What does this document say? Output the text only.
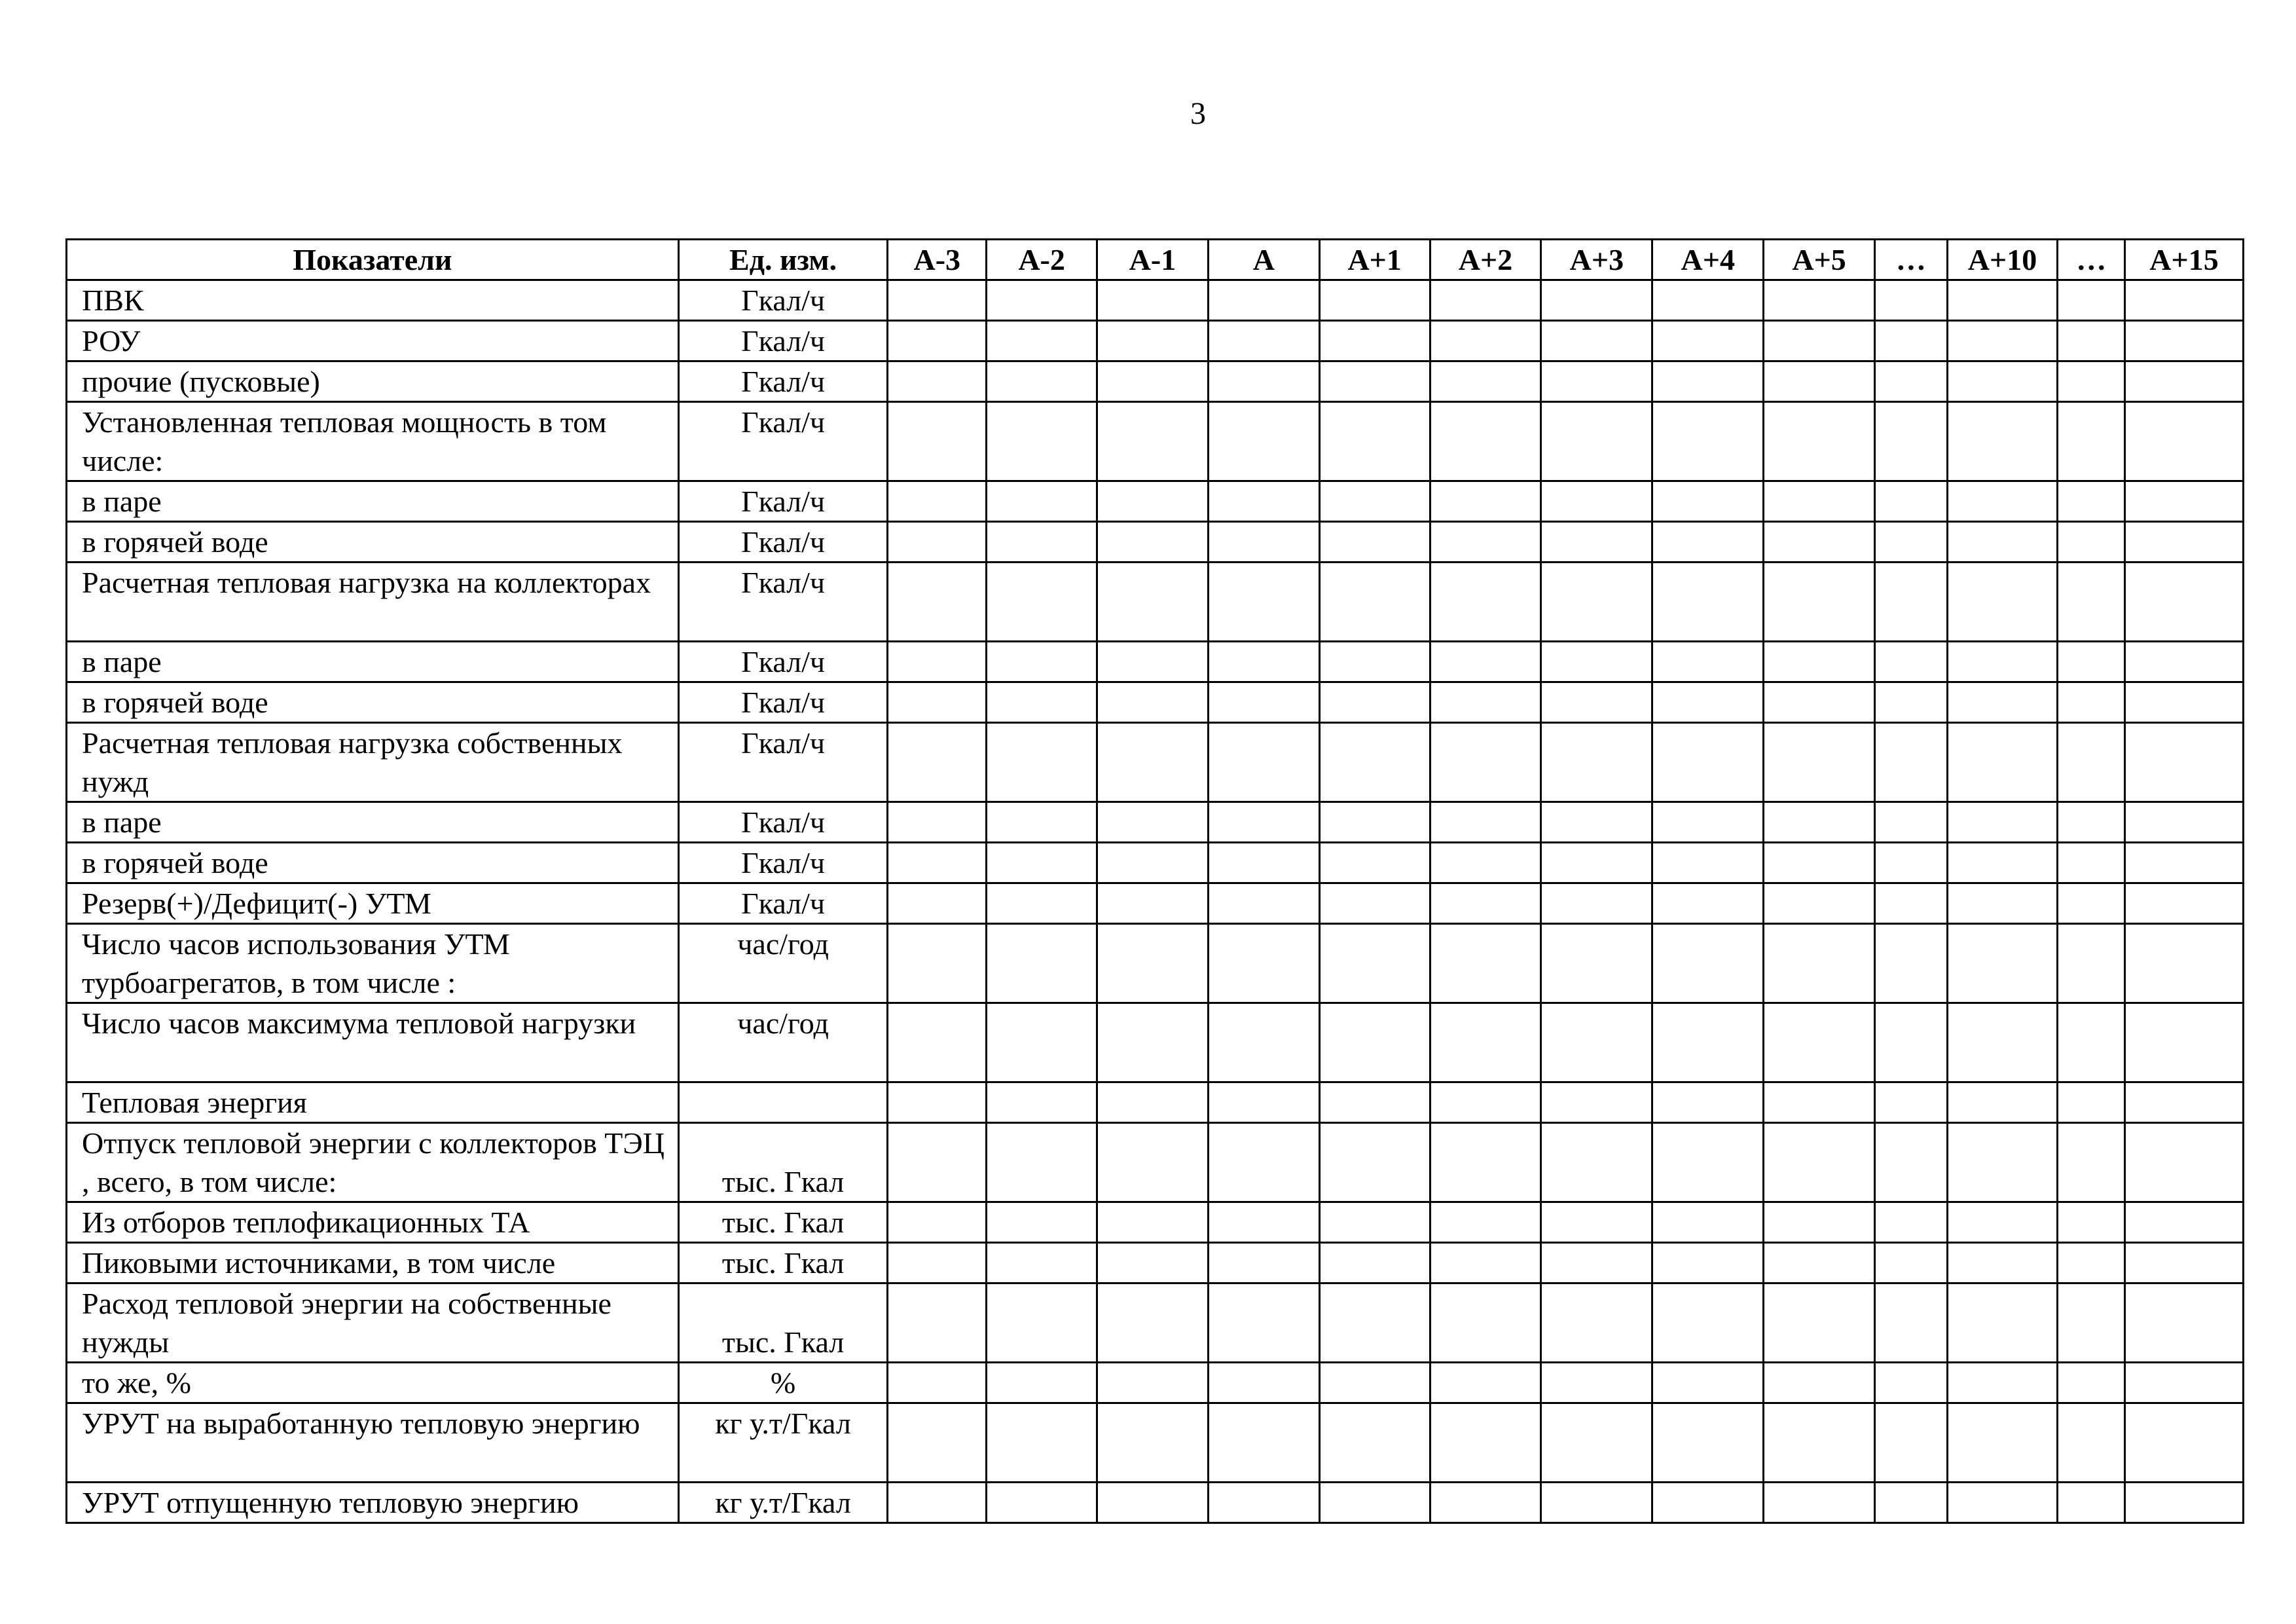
3
Показатели	Ед. изм.	А-3	А-2	А-1	А	А+1	А+2	А+3	А+4	А+5	…	А+10	…	А+15
ПВК	Гкал/ч													
РОУ	Гкал/ч													
прочие (пусковые)	Гкал/ч													
Установленная тепловая мощность в том числе:	Гкал/ч													
в паре	Гкал/ч													
в горячей воде	Гкал/ч													
Расчетная тепловая нагрузка на коллекторах	Гкал/ч													
в паре	Гкал/ч													
в горячей воде	Гкал/ч													
Расчетная тепловая нагрузка собственных нужд	Гкал/ч													
в паре	Гкал/ч													
в горячей воде	Гкал/ч													
Резерв(+)/Дефицит(-) УТМ	Гкал/ч													
Число часов использования УТМ турбоагрегатов, в том числе :	час/год													
Число часов максимума тепловой нагрузки	час/год													
Тепловая энергия														
Отпуск тепловой энергии с коллекторов ТЭЦ , всего, в том числе:	тыс. Гкал													
Из отборов теплофикационных ТА	тыс. Гкал													
Пиковыми источниками, в том числе	тыс. Гкал													
Расход тепловой энергии на собственные нужды	тыс. Гкал													
то же, %	%													
УРУТ на выработанную тепловую энергию	кг у.т/Гкал													
УРУТ отпущенную тепловую энергию	кг у.т/Гкал													
